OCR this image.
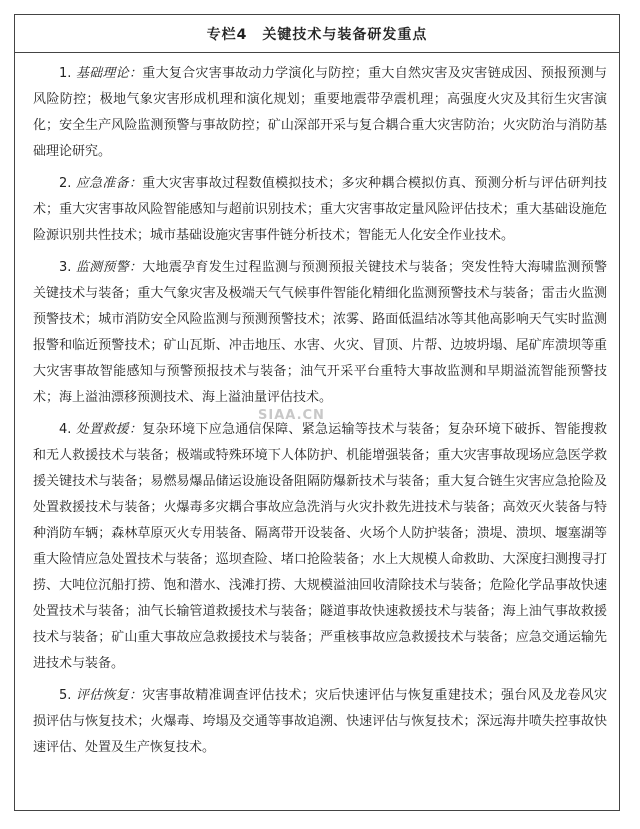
专栏4　关键技术与装备研发重点

1. 基础理论：重大复合灾害事故动力学演化与防控；重大自然灾害及灾害链成因、预报预测与风险防控；极地气象灾害形成机理和演化规划；重要地震带孕震机理；高强度火灾及其衍生灾害演化；安全生产风险监测预警与事故防控；矿山深部开采与复合耦合重大灾害防治；火灾防治与消防基础理论研究。

2. 应急准备：重大灾害事故过程数值模拟技术；多灾种耦合模拟仿真、预测分析与评估研判技术；重大灾害事故风险智能感知与超前识别技术；重大灾害事故定量风险评估技术；重大基础设施危险源识别共性技术；城市基础设施灾害事件链分析技术；智能无人化安全作业技术。

3. 监测预警：大地震孕育发生过程监测与预测预报关键技术与装备；突发性特大海啸监测预警关键技术与装备；重大气象灾害及极端天气气候事件智能化精细化监测预警技术与装备；雷击火监测预警技术；城市消防安全风险监测与预测预警技术；浓雾、路面低温结冰等其他高影响天气实时监测报警和临近预警技术；矿山瓦斯、冲击地压、水害、火灾、冒顶、片帮、边坡坍塌、尾矿库溃坝等重大灾害事故智能感知与预警预报技术与装备；油气开采平台重特大事故监测和早期溢流智能预警技术；海上溢油漂移预测技术、海上溢油量评估技术。

4. 处置救援：复杂环境下应急通信保障、紧急运输等技术与装备；复杂环境下破拆、智能搜救和无人救援技术与装备；极端或特殊环境下人体防护、机能增强装备；重大灾害事故现场应急医学救援关键技术与装备；易燃易爆品储运设施设备阻隔防爆新技术与装备；重大复合链生灾害应急抢险及处置救援技术与装备；火爆毒多灾耦合事故应急洗消与火灾扑救先进技术与装备；高效灭火装备与特种消防车辆；森林草原灭火专用装备、隔离带开设装备、火场个人防护装备；溃堤、溃坝、堰塞湖等重大险情应急处置技术与装备；巡坝查险、堵口抢险装备；水上大规模人命救助、大深度扫测搜寻打捞、大吨位沉船打捞、饱和潜水、浅滩打捞、大规模溢油回收清除技术与装备；危险化学品事故快速处置技术与装备；油气长输管道救援技术与装备；隧道事故快速救援技术与装备；海上油气事故救援技术与装备；矿山重大事故应急救援技术与装备；严重核事故应急救援技术与装备；应急交通运输先进技术与装备。

5. 评估恢复：灾害事故精准调查评估技术；灾后快速评估与恢复重建技术；强台风及龙卷风灾损评估与恢复技术；火爆毒、垮塌及交通等事故追溯、快速评估与恢复技术；深远海井喷失控事故快速评估、处置及生产恢复技术。

SIAA.CN
